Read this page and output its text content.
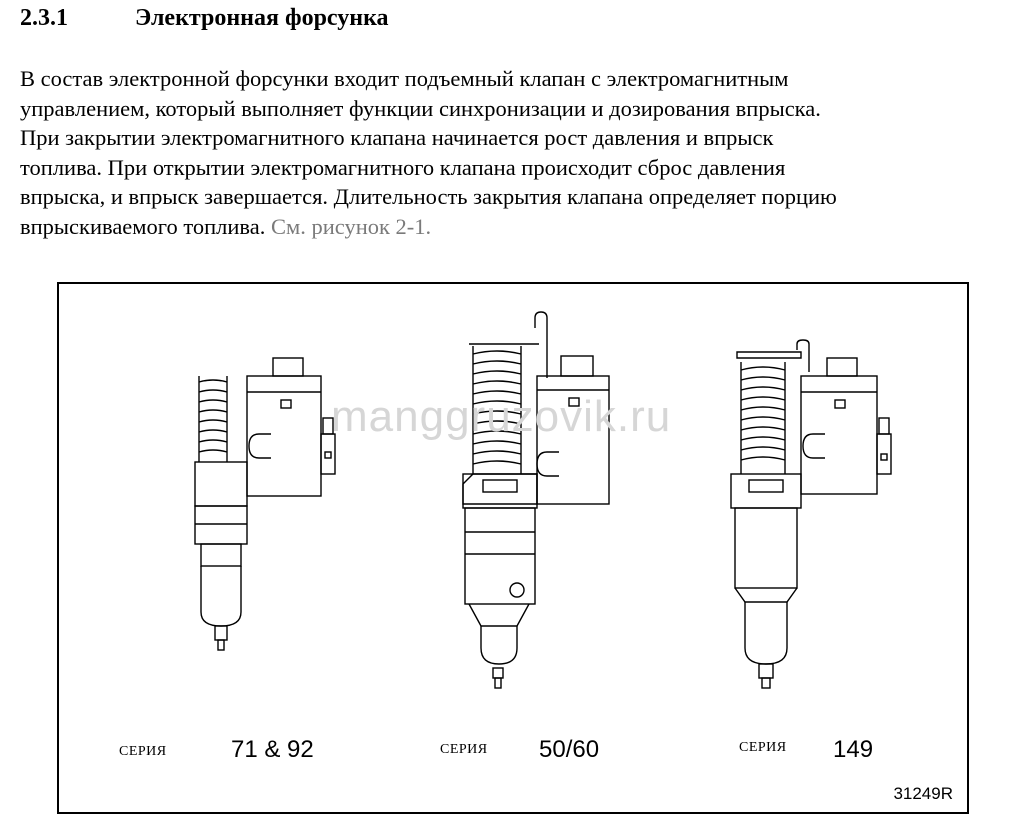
2.3.1	Электронная форсунка
В состав электронной форсунки входит подъемный клапан с электромагнитным
управлением, который выполняет функции синхронизации и дозирования впрыска.
При закрытии электромагнитного клапана начинается рост давления и впрыск
топлива. При открытии электромагнитного клапана происходит сброс давления
впрыска, и впрыск завершается. Длительность закрытия клапана определяет порцию
впрыскиваемого топлива. См. рисунок 2-1.
manggruzovik.ru
СЕРИЯ	71 & 92	СЕРИЯ 50/60	СЕРИЯ 149
31249R
